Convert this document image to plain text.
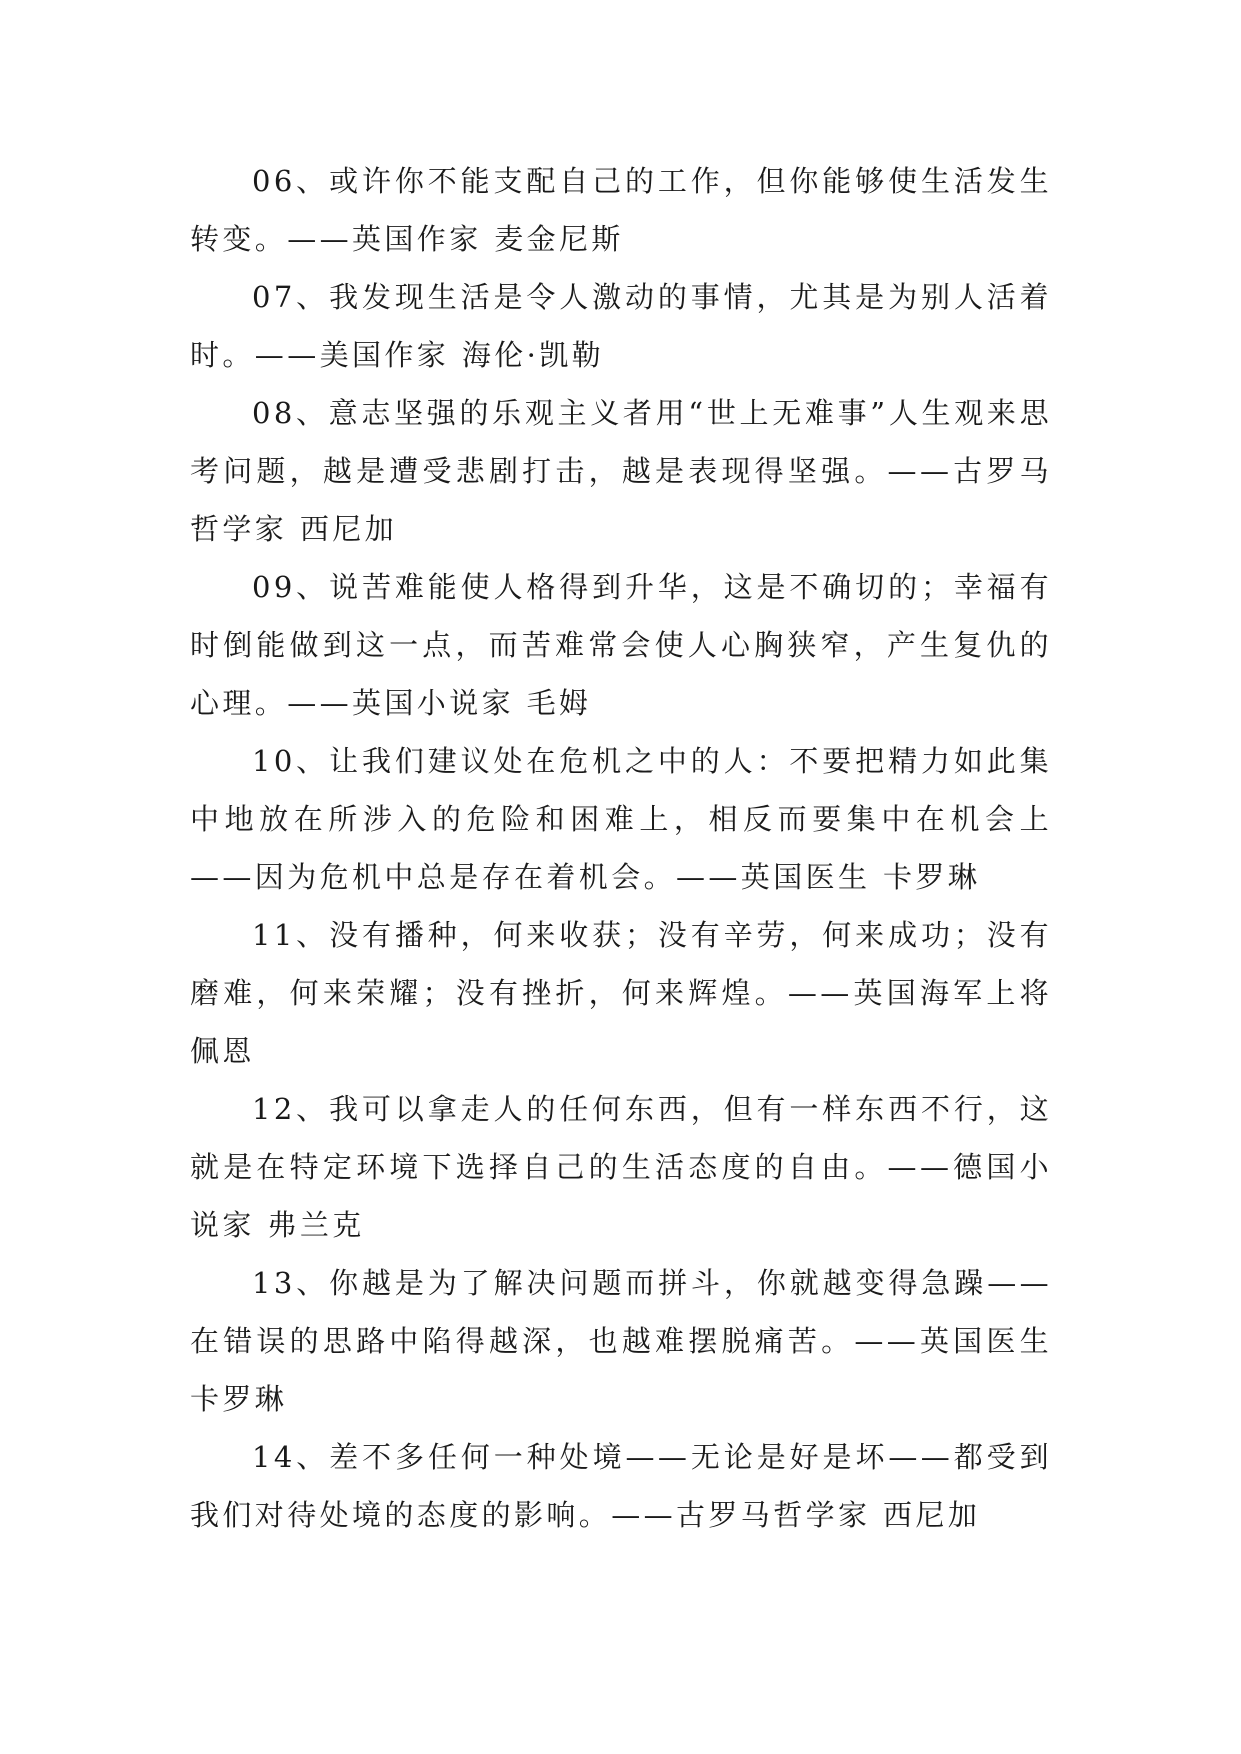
06、或许你不能支配自己的工作，但你能够使生活发生转变。——英国作家 麦金尼斯

07、我发现生活是令人激动的事情，尤其是为别人活着时。——美国作家 海伦·凯勒

08、意志坚强的乐观主义者用“世上无难事”人生观来思考问题，越是遭受悲剧打击，越是表现得坚强。——古罗马哲学家 西尼加

09、说苦难能使人格得到升华，这是不确切的；幸福有时倒能做到这一点，而苦难常会使人心胸狭窄，产生复仇的心理。——英国小说家 毛姆

10、让我们建议处在危机之中的人：不要把精力如此集中地放在所涉入的危险和困难上，相反而要集中在机会上——因为危机中总是存在着机会。——英国医生 卡罗琳

11、没有播种，何来收获；没有辛劳，何来成功；没有磨难，何来荣耀；没有挫折，何来辉煌。——英国海军上将 佩恩

12、我可以拿走人的任何东西，但有一样东西不行，这就是在特定环境下选择自己的生活态度的自由。——德国小说家 弗兰克

13、你越是为了解决问题而拼斗，你就越变得急躁——在错误的思路中陷得越深，也越难摆脱痛苦。——英国医生 卡罗琳

14、差不多任何一种处境——无论是好是坏——都受到我们对待处境的态度的影响。——古罗马哲学家 西尼加
